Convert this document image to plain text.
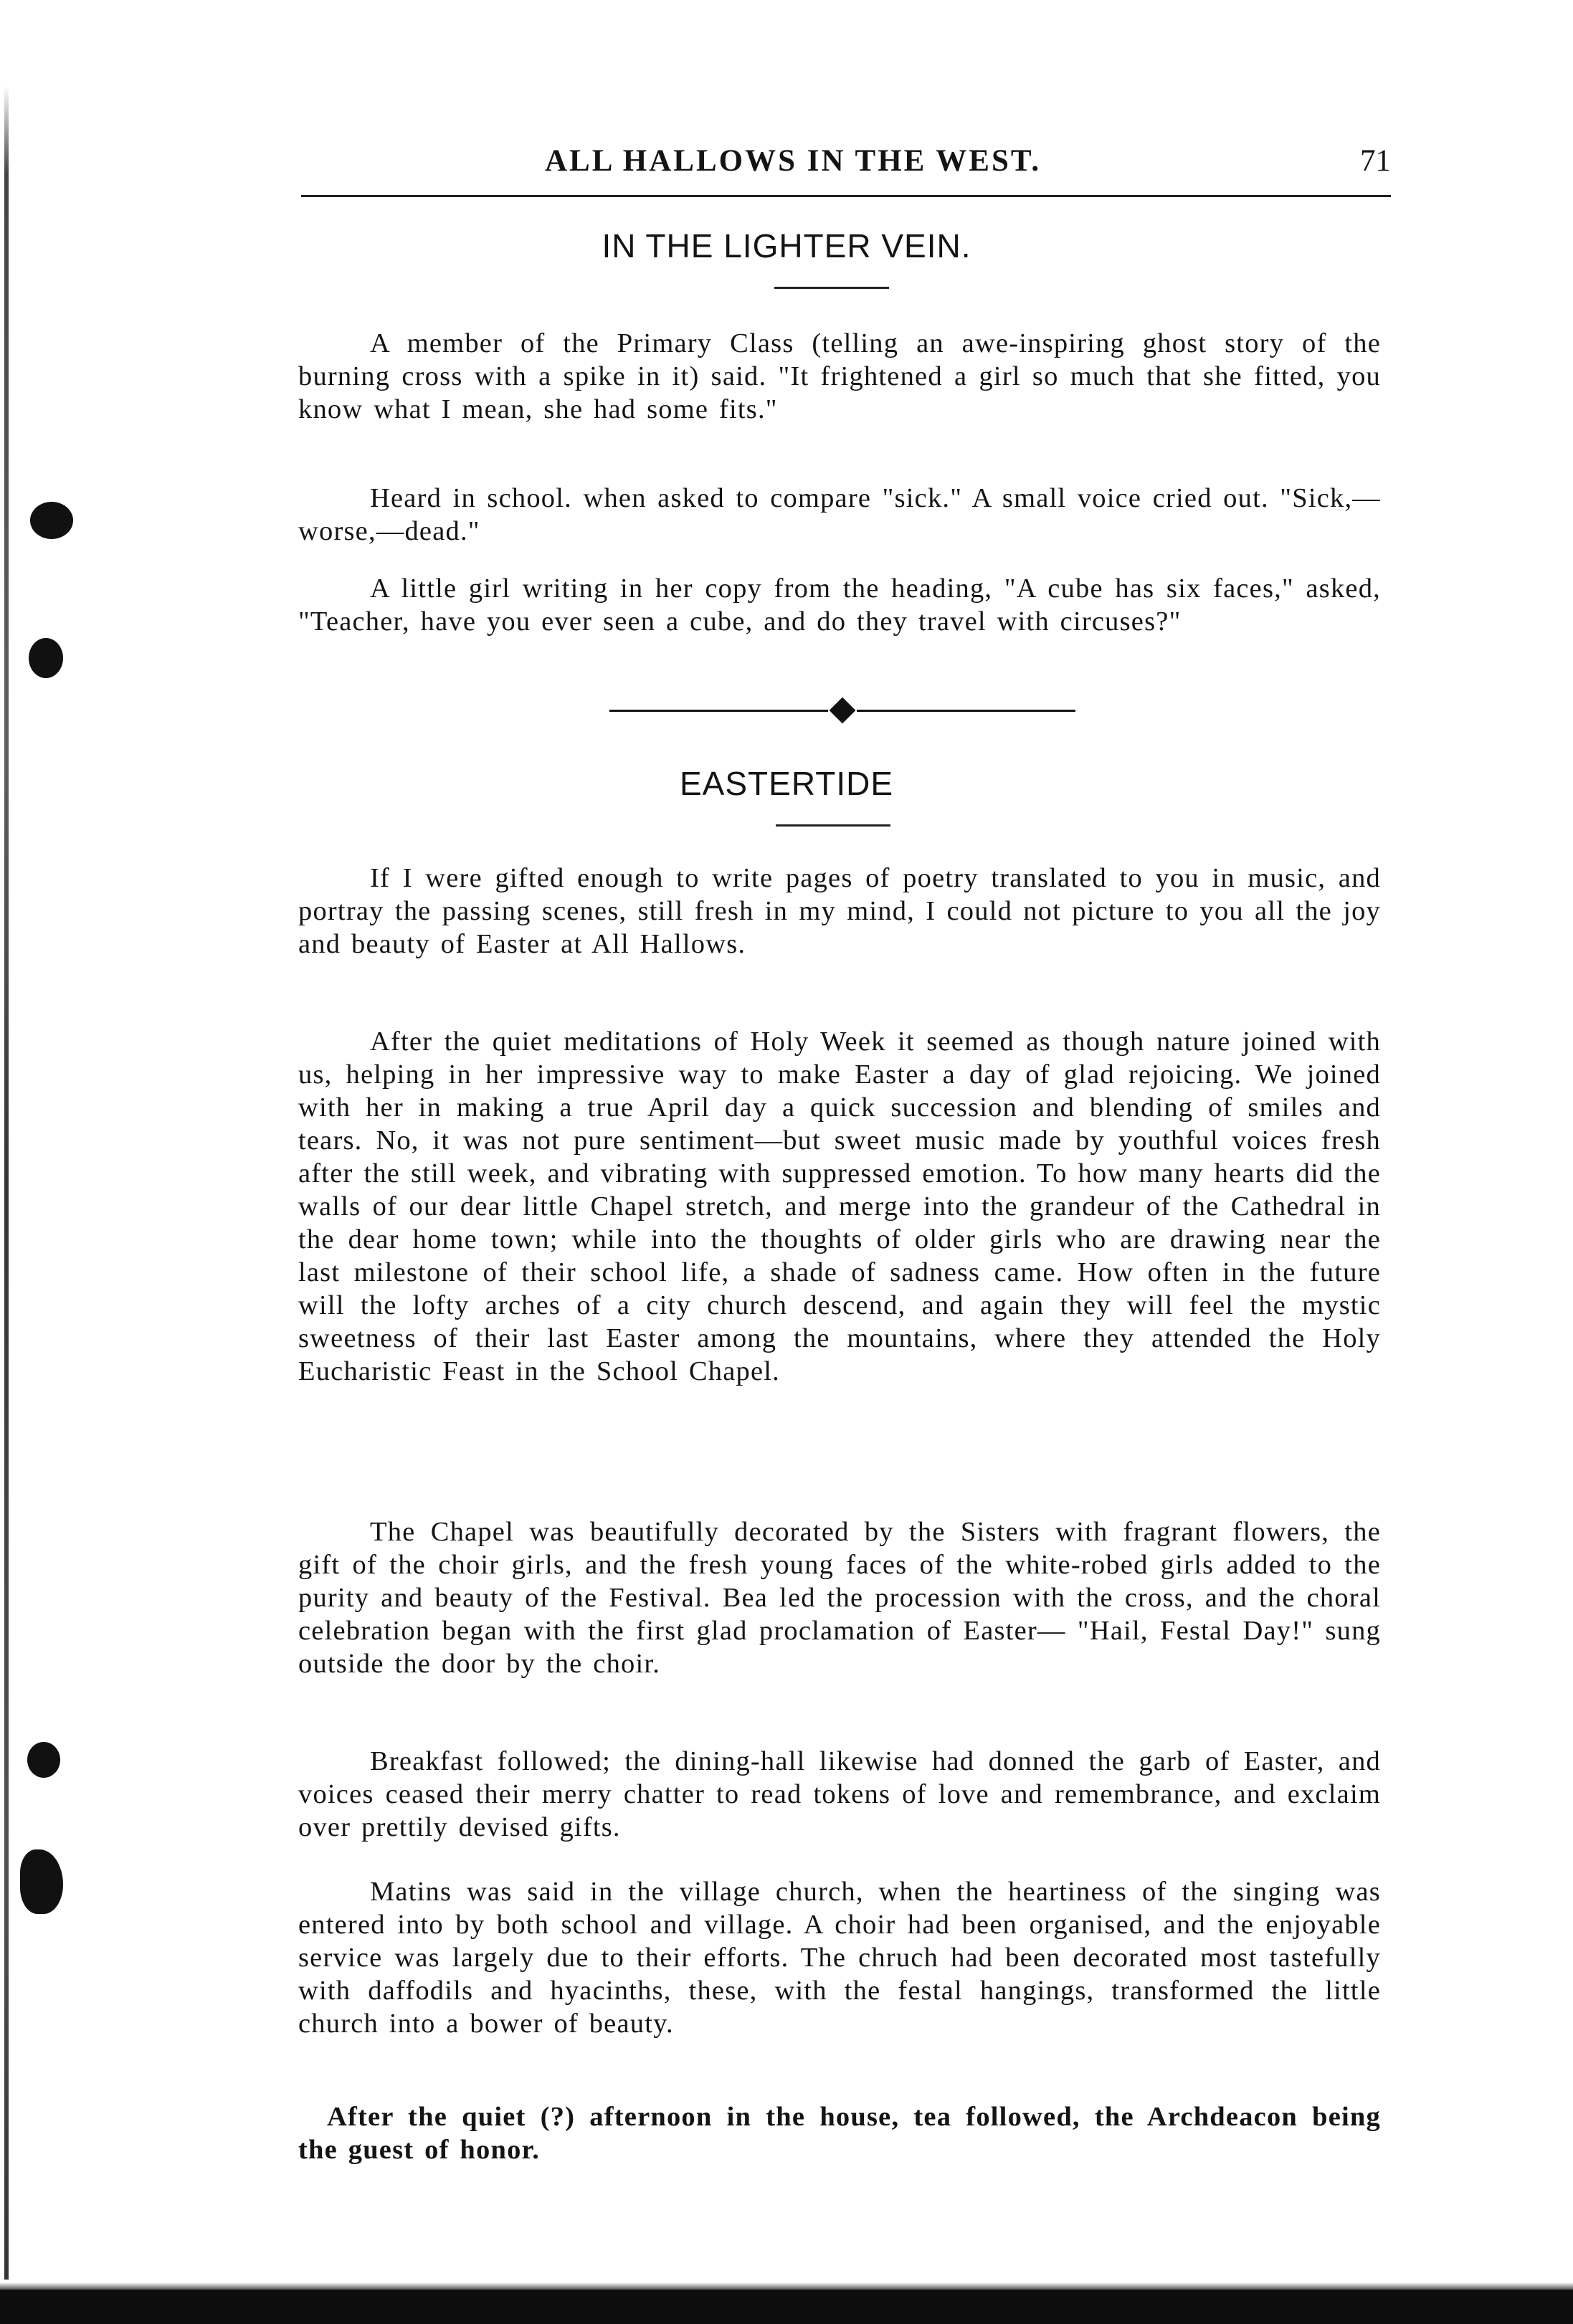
ALL HALLOWS IN THE WEST.	71
IN THE LIGHTER VEIN.

A member of the Primary Class (telling an awe-inspiring ghost story of the burning cross with a spike in it) said. "It frightened a girl so much that she fitted, you know what I mean, she had some fits."

Heard in school. when asked to compare "sick." A small voice cried out. "Sick,—worse,—dead."

A little girl writing in her copy from the heading, "A cube has six faces," asked, "Teacher, have you ever seen a cube, and do they travel with circuses?"

EASTERTIDE

If I were gifted enough to write pages of poetry translated to you in music, and portray the passing scenes, still fresh in my mind, I could not picture to you all the joy and beauty of Easter at All Hallows.

After the quiet meditations of Holy Week it seemed as though nature joined with us, helping in her impressive way to make Easter a day of glad rejoicing. We joined with her in making a true April day a quick succession and blending of smiles and tears. No, it was not pure sentiment—but sweet music made by youthful voices fresh after the still week, and vibrating with suppressed emotion. To how many hearts did the walls of our dear little Chapel stretch, and merge into the grandeur of the Cathedral in the dear home town; while into the thoughts of older girls who are drawing near the last milestone of their school life, a shade of sadness came. How often in the future will the lofty arches of a city church descend, and again they will feel the mystic sweetness of their last Easter among the mountains, where they attended the Holy Eucharistic Feast in the School Chapel.

The Chapel was beautifully decorated by the Sisters with fragrant flowers, the gift of the choir girls, and the fresh young faces of the white-robed girls added to the purity and beauty of the Festival. Bea led the procession with the cross, and the choral celebration began with the first glad proclamation of Easter— "Hail, Festal Day!" sung outside the door by the choir.

Breakfast followed; the dining-hall likewise had donned the garb of Easter, and voices ceased their merry chatter to read tokens of love and remembrance, and exclaim over prettily devised gifts.

Matins was said in the village church, when the heartiness of the singing was entered into by both school and village. A choir had been organised, and the enjoyable service was largely due to their efforts. The chruch had been decorated most tastefully with daffodils and hyacinths, these, with the festal hangings, transformed the little church into a bower of beauty.

After the quiet (?) afternoon in the house, tea followed, the Archdeacon being the guest of honor.
